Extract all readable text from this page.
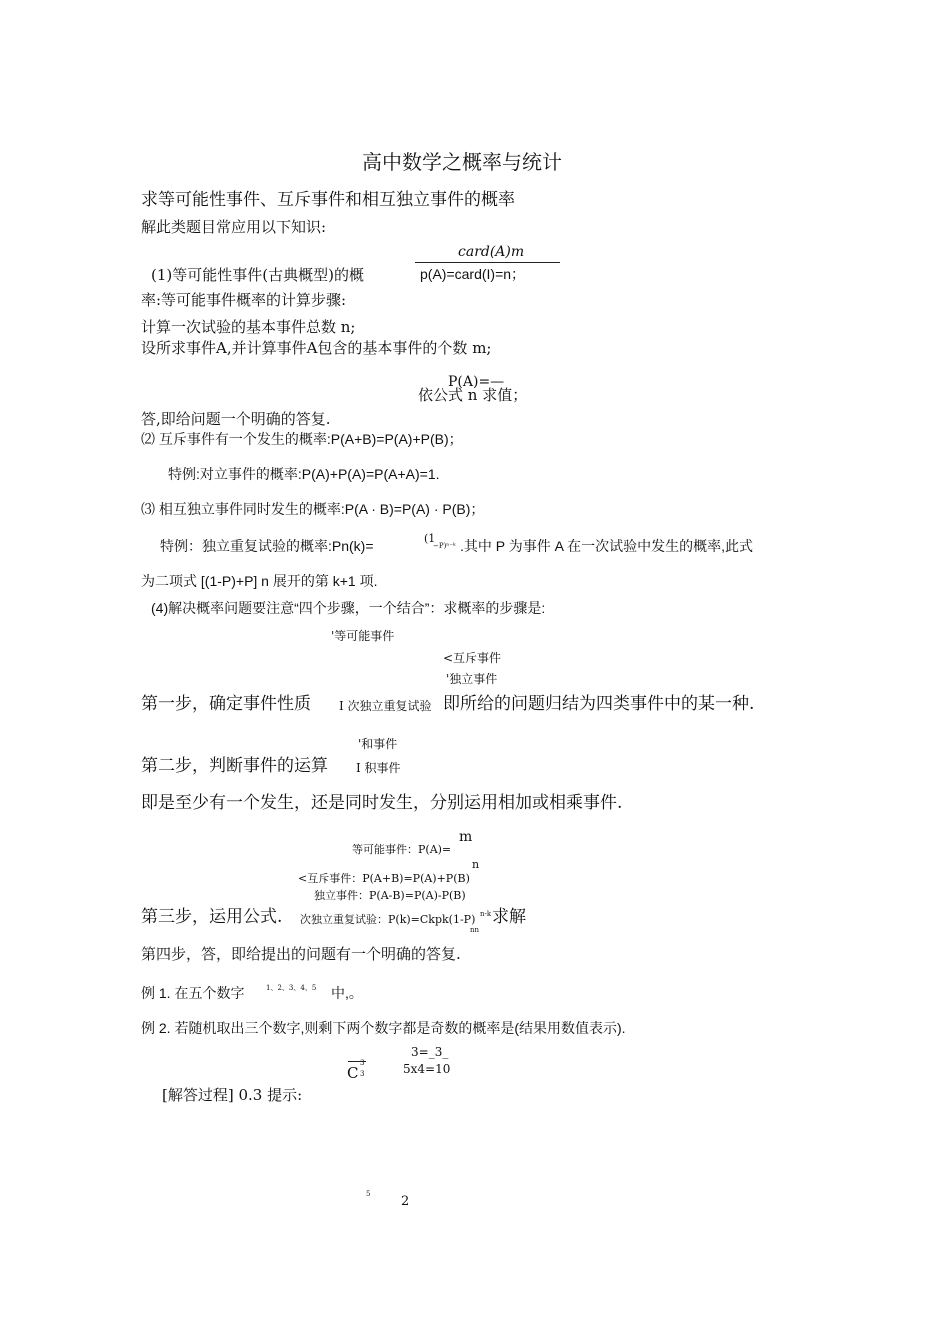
高中数学之概率与统计
求等可能性事件、互斥事件和相互独立事件的概率
解此类题目常应用以下知识:
card(A)m
p(A)=card(I)=n；
(1)等可能性事件(古典概型)的概
率:等可能事件概率的计算步骤:
计算一次试验的基本事件总数 n;
设所求事件A,并计算事件A包含的基本事件的个数 m;
P(A)=—
依公式 n 求值；
答,即给问题一个明确的答复.
⑵ 互斥事件有一个发生的概率:P(A+B)=P(A)+P(B)；
特例:对立事件的概率:P(A)+P(A)=P(A+A)=1.
⑶ 相互独立事件同时发生的概率:P(A · B)=P(A) · P(B)；
特例：独立重复试验的概率:Pn(k)=	(1
−P)ⁿ⁻ᵏ .其中 P 为事件 A 在一次试验中发生的概率,此式
为二项式 [(1-P)+P] n 展开的第 k+1 项.
(4)解决概率问题要注意“四个步骤，一个结合”：求概率的步骤是:
'等可能事件
<互斥事件
'独立事件
第一步，确定事件性质 I 次独立重复试验 即所给的问题归结为四类事件中的某一种.
'和事件
第二步，判断事件的运算 I 积事件
即是至少有一个发生，还是同时发生，分别运用相加或相乘事件.
m
等可能事件：P(A)=
n
<互斥事件：P(A+B)=P(A)+P(B)
独立事件：P(A-B)=P(A)-P(B)
第三步，运用公式. 次独立重复试验：P(k)=Ckpk(1-P) n-k
nn
求解
第四步，答，即给提出的问题有一个明确的答复.
例 1. 在五个数字	1、2、3、4、5 中,。
例 2. 若随机取出三个数字,则剩下两个数字都是奇数的概率是(结果用数值表示).
3=_3_
C
3
3	5x4=10
[解答过程] 0.3 提示:
5 2
